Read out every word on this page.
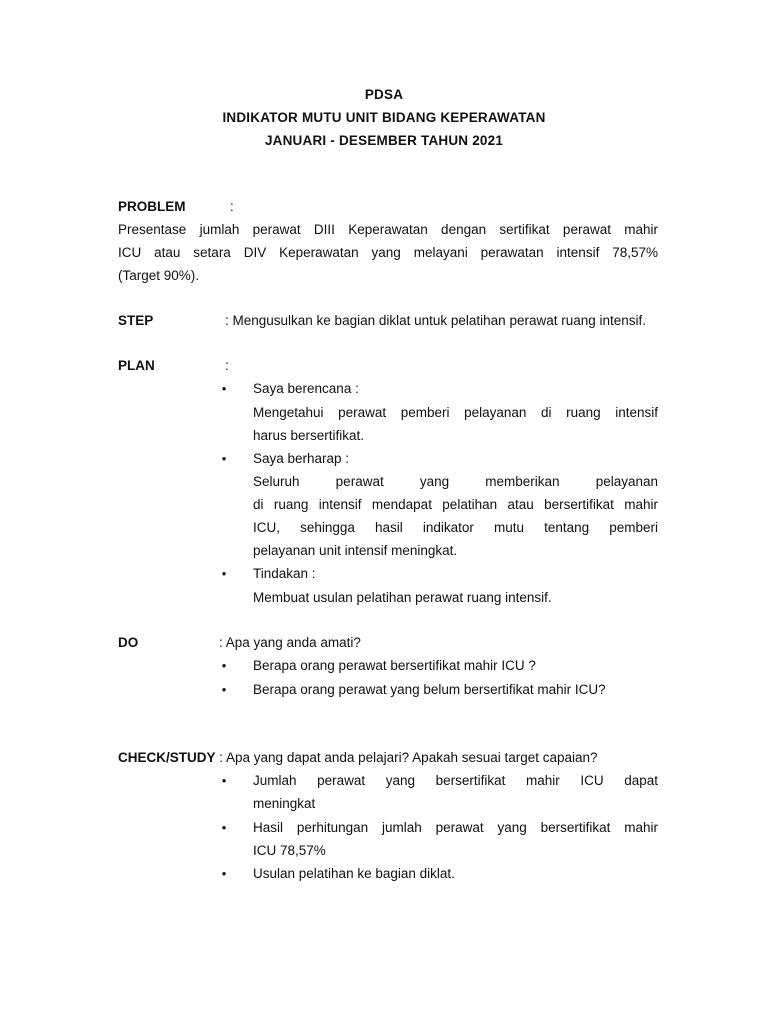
PDSA
INDIKATOR MUTU UNIT BIDANG KEPERAWATAN
JANUARI - DESEMBER TAHUN 2021
PROBLEM	:
Presentase jumlah perawat DIII Keperawatan dengan sertifikat perawat mahir
ICU atau setara DIV Keperawatan yang melayani perawatan intensif 78,57%
(Target 90%).
STEP	: Mengusulkan ke bagian diklat untuk pelatihan perawat ruang intensif.
PLAN	:
•	Saya berencana :
Mengetahui perawat pemberi pelayanan di ruang intensif
harus bersertifikat.
•	Saya berharap :
Seluruh perawat yang memberikan pelayanan
di ruang intensif mendapat pelatihan atau bersertifikat mahir
ICU, sehingga hasil indikator mutu tentang pemberi
pelayanan unit intensif meningkat.
•	Tindakan :
Membuat usulan pelatihan perawat ruang intensif.
DO	: Apa yang anda amati?
•	Berapa orang perawat bersertifikat mahir ICU ?
•	Berapa orang perawat yang belum bersertifikat mahir ICU?
CHECK/STUDY : Apa yang dapat anda pelajari? Apakah sesuai target capaian?
•	Jumlah perawat yang bersertifikat mahir ICU dapat
meningkat
•	Hasil perhitungan jumlah perawat yang bersertifikat mahir
ICU 78,57%
•	Usulan pelatihan ke bagian diklat.
